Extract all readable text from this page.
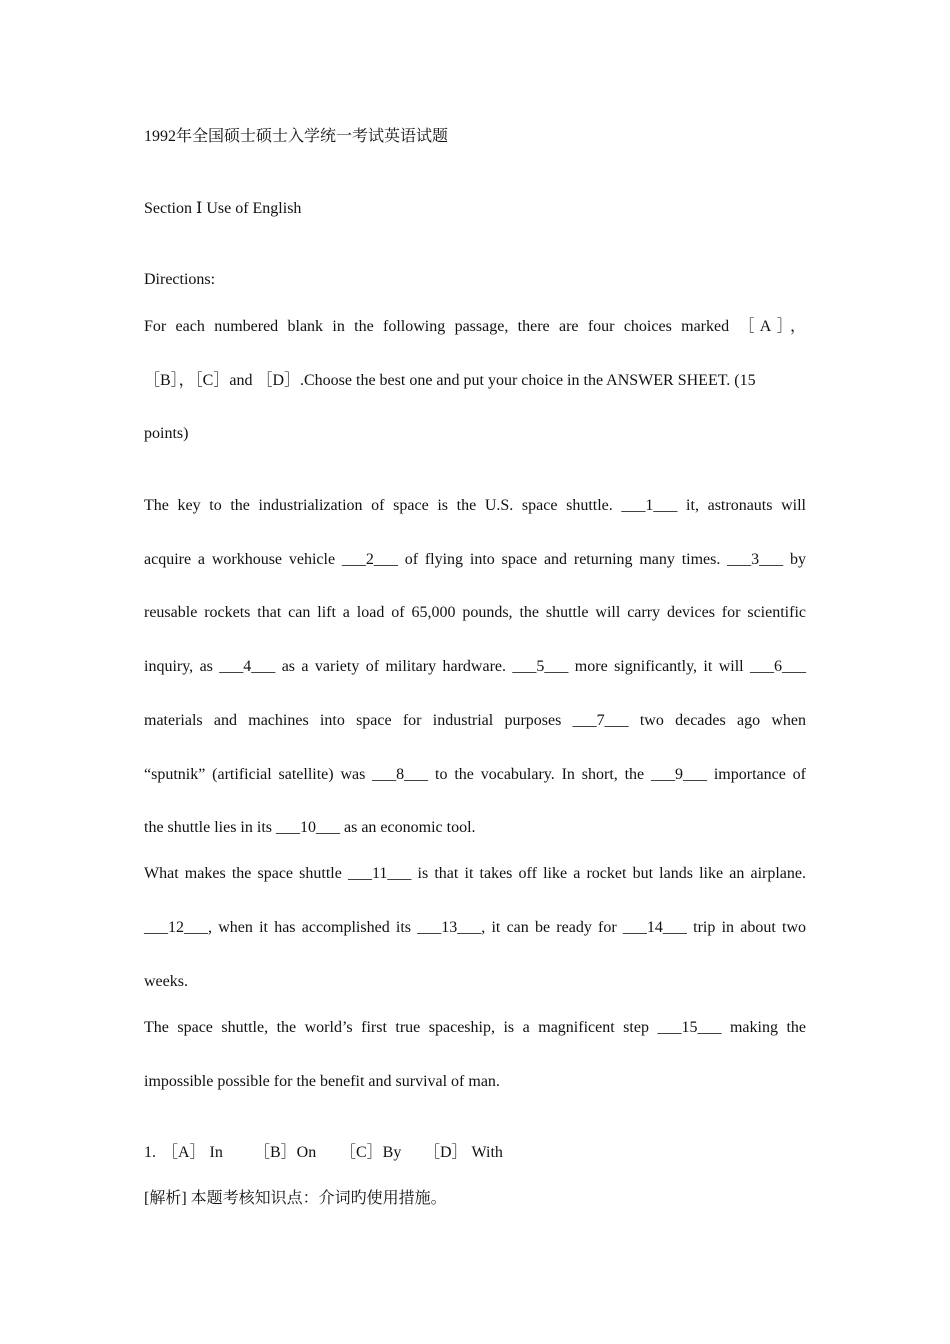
1992年全国硕士硕士入学统一考试英语试题
Section Ⅰ Use of English
Directions:
For each numbered blank in the following passage, there are four choices marked ［A］，
［B］，［C］and ［D］.Choose the best one and put your choice in the ANSWER SHEET. (15
points)
The key to the industrialization of space is the U.S. space shuttle. ___1___ it, astronauts will
acquire a workhouse vehicle ___2___ of flying into space and returning many times. ___3___ by
reusable rockets that can lift a load of 65,000 pounds, the shuttle will carry devices for scientific
inquiry, as ___4___ as a variety of military hardware. ___5___ more significantly, it will ___6___
materials and machines into space for industrial purposes ___7___ two decades ago when
“sputnik” (artificial satellite) was ___8___ to the vocabulary. In short, the ___9___ importance of
the shuttle lies in its ___10___ as an economic tool.
What makes the space shuttle ___11___ is that it takes off like a rocket but lands like an airplane.
___12___, when it has accomplished its ___13___, it can be ready for ___14___ trip in about two
weeks.
The space shuttle, the world’s first true spaceship, is a magnificent step ___15___ making the
impossible possible for the benefit and survival of man.
1. ［A］ In ［B］On ［C］By ［D］ With
[解析] 本题考核知识点：介词旳使用措施。
